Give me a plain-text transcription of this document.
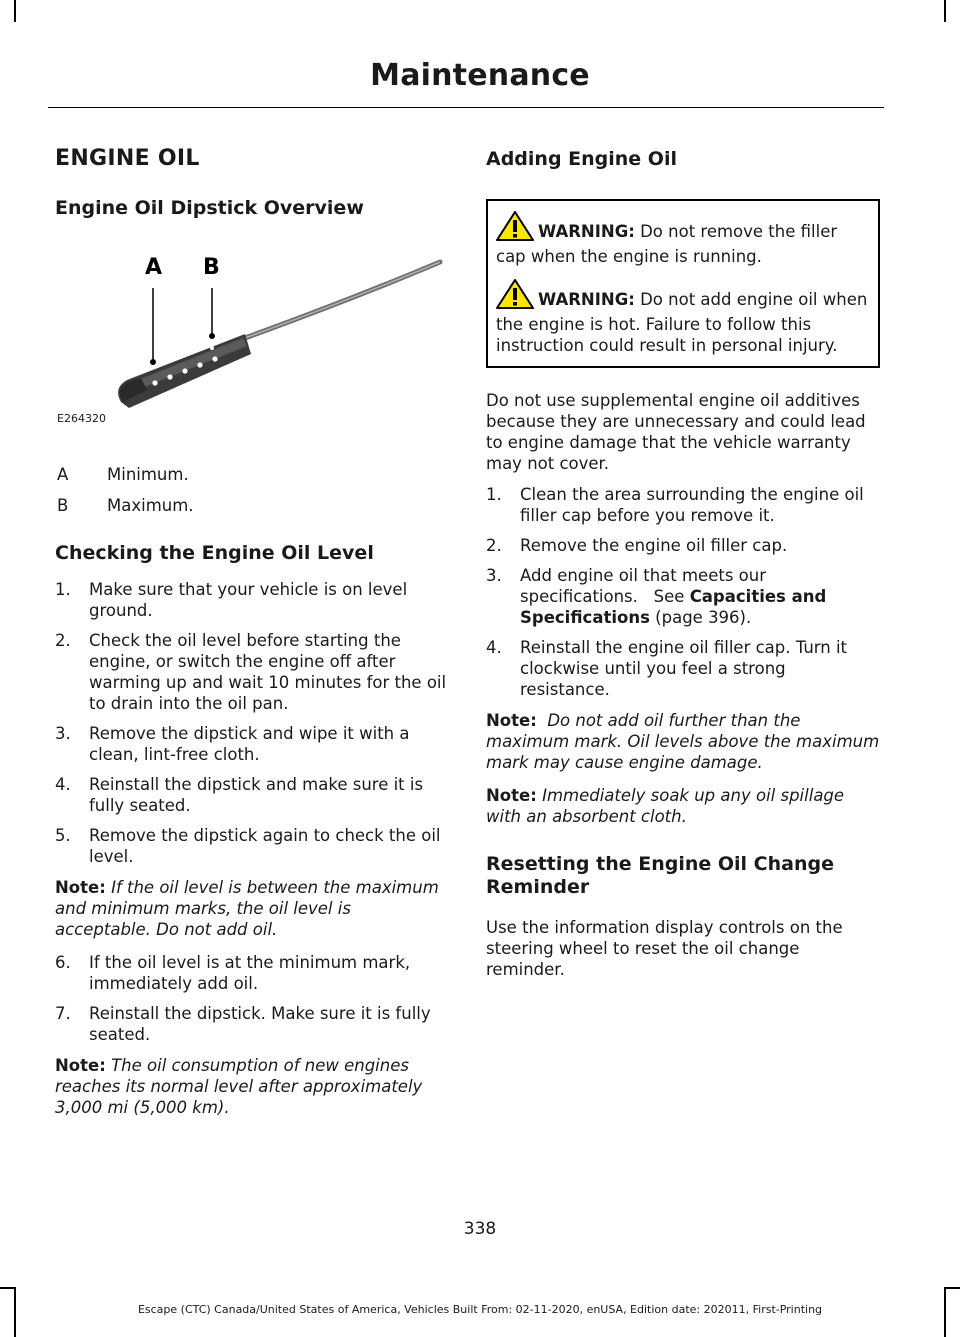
Maintenance
ENGINE OIL
Engine Oil Dipstick Overview
A B
E264320
A	Minimum.
B	Maximum.
Checking the Engine Oil Level
1.	Make sure that your vehicle is on level ground.
2.	Check the oil level before starting the engine, or switch the engine off after warming up and wait 10 minutes for the oil to drain into the oil pan.
3.	Remove the dipstick and wipe it with a clean, lint-free cloth.
4.	Reinstall the dipstick and make sure it is fully seated.
5.	Remove the dipstick again to check the oil level.
Note: If the oil level is between the maximum and minimum marks, the oil level is acceptable. Do not add oil.
6.	If the oil level is at the minimum mark, immediately add oil.
7.	Reinstall the dipstick. Make sure it is fully seated.
Note: The oil consumption of new engines reaches its normal level after approximately 3,000 mi (5,000 km).
Adding Engine Oil
WARNING: Do not remove the filler cap when the engine is running.
WARNING: Do not add engine oil when the engine is hot. Failure to follow this instruction could result in personal injury.

Do not use supplemental engine oil additives because they are unnecessary and could lead to engine damage that the vehicle warranty may not cover.

1.	Clean the area surrounding the engine oil filler cap before you remove it.
2.	Remove the engine oil filler cap.
3.	Add engine oil that meets our specifications. See Capacities and Specifications (page 396).
4.	Reinstall the engine oil filler cap. Turn it clockwise until you feel a strong resistance.
Note: Do not add oil further than the maximum mark. Oil levels above the maximum mark may cause engine damage.
Note: Immediately soak up any oil spillage with an absorbent cloth.
Resetting the Engine Oil Change Reminder

Use the information display controls on the steering wheel to reset the oil change reminder.

338
Escape (CTC) Canada/United States of America, Vehicles Built From: 02-11-2020, enUSA, Edition date: 202011, First-Printing
